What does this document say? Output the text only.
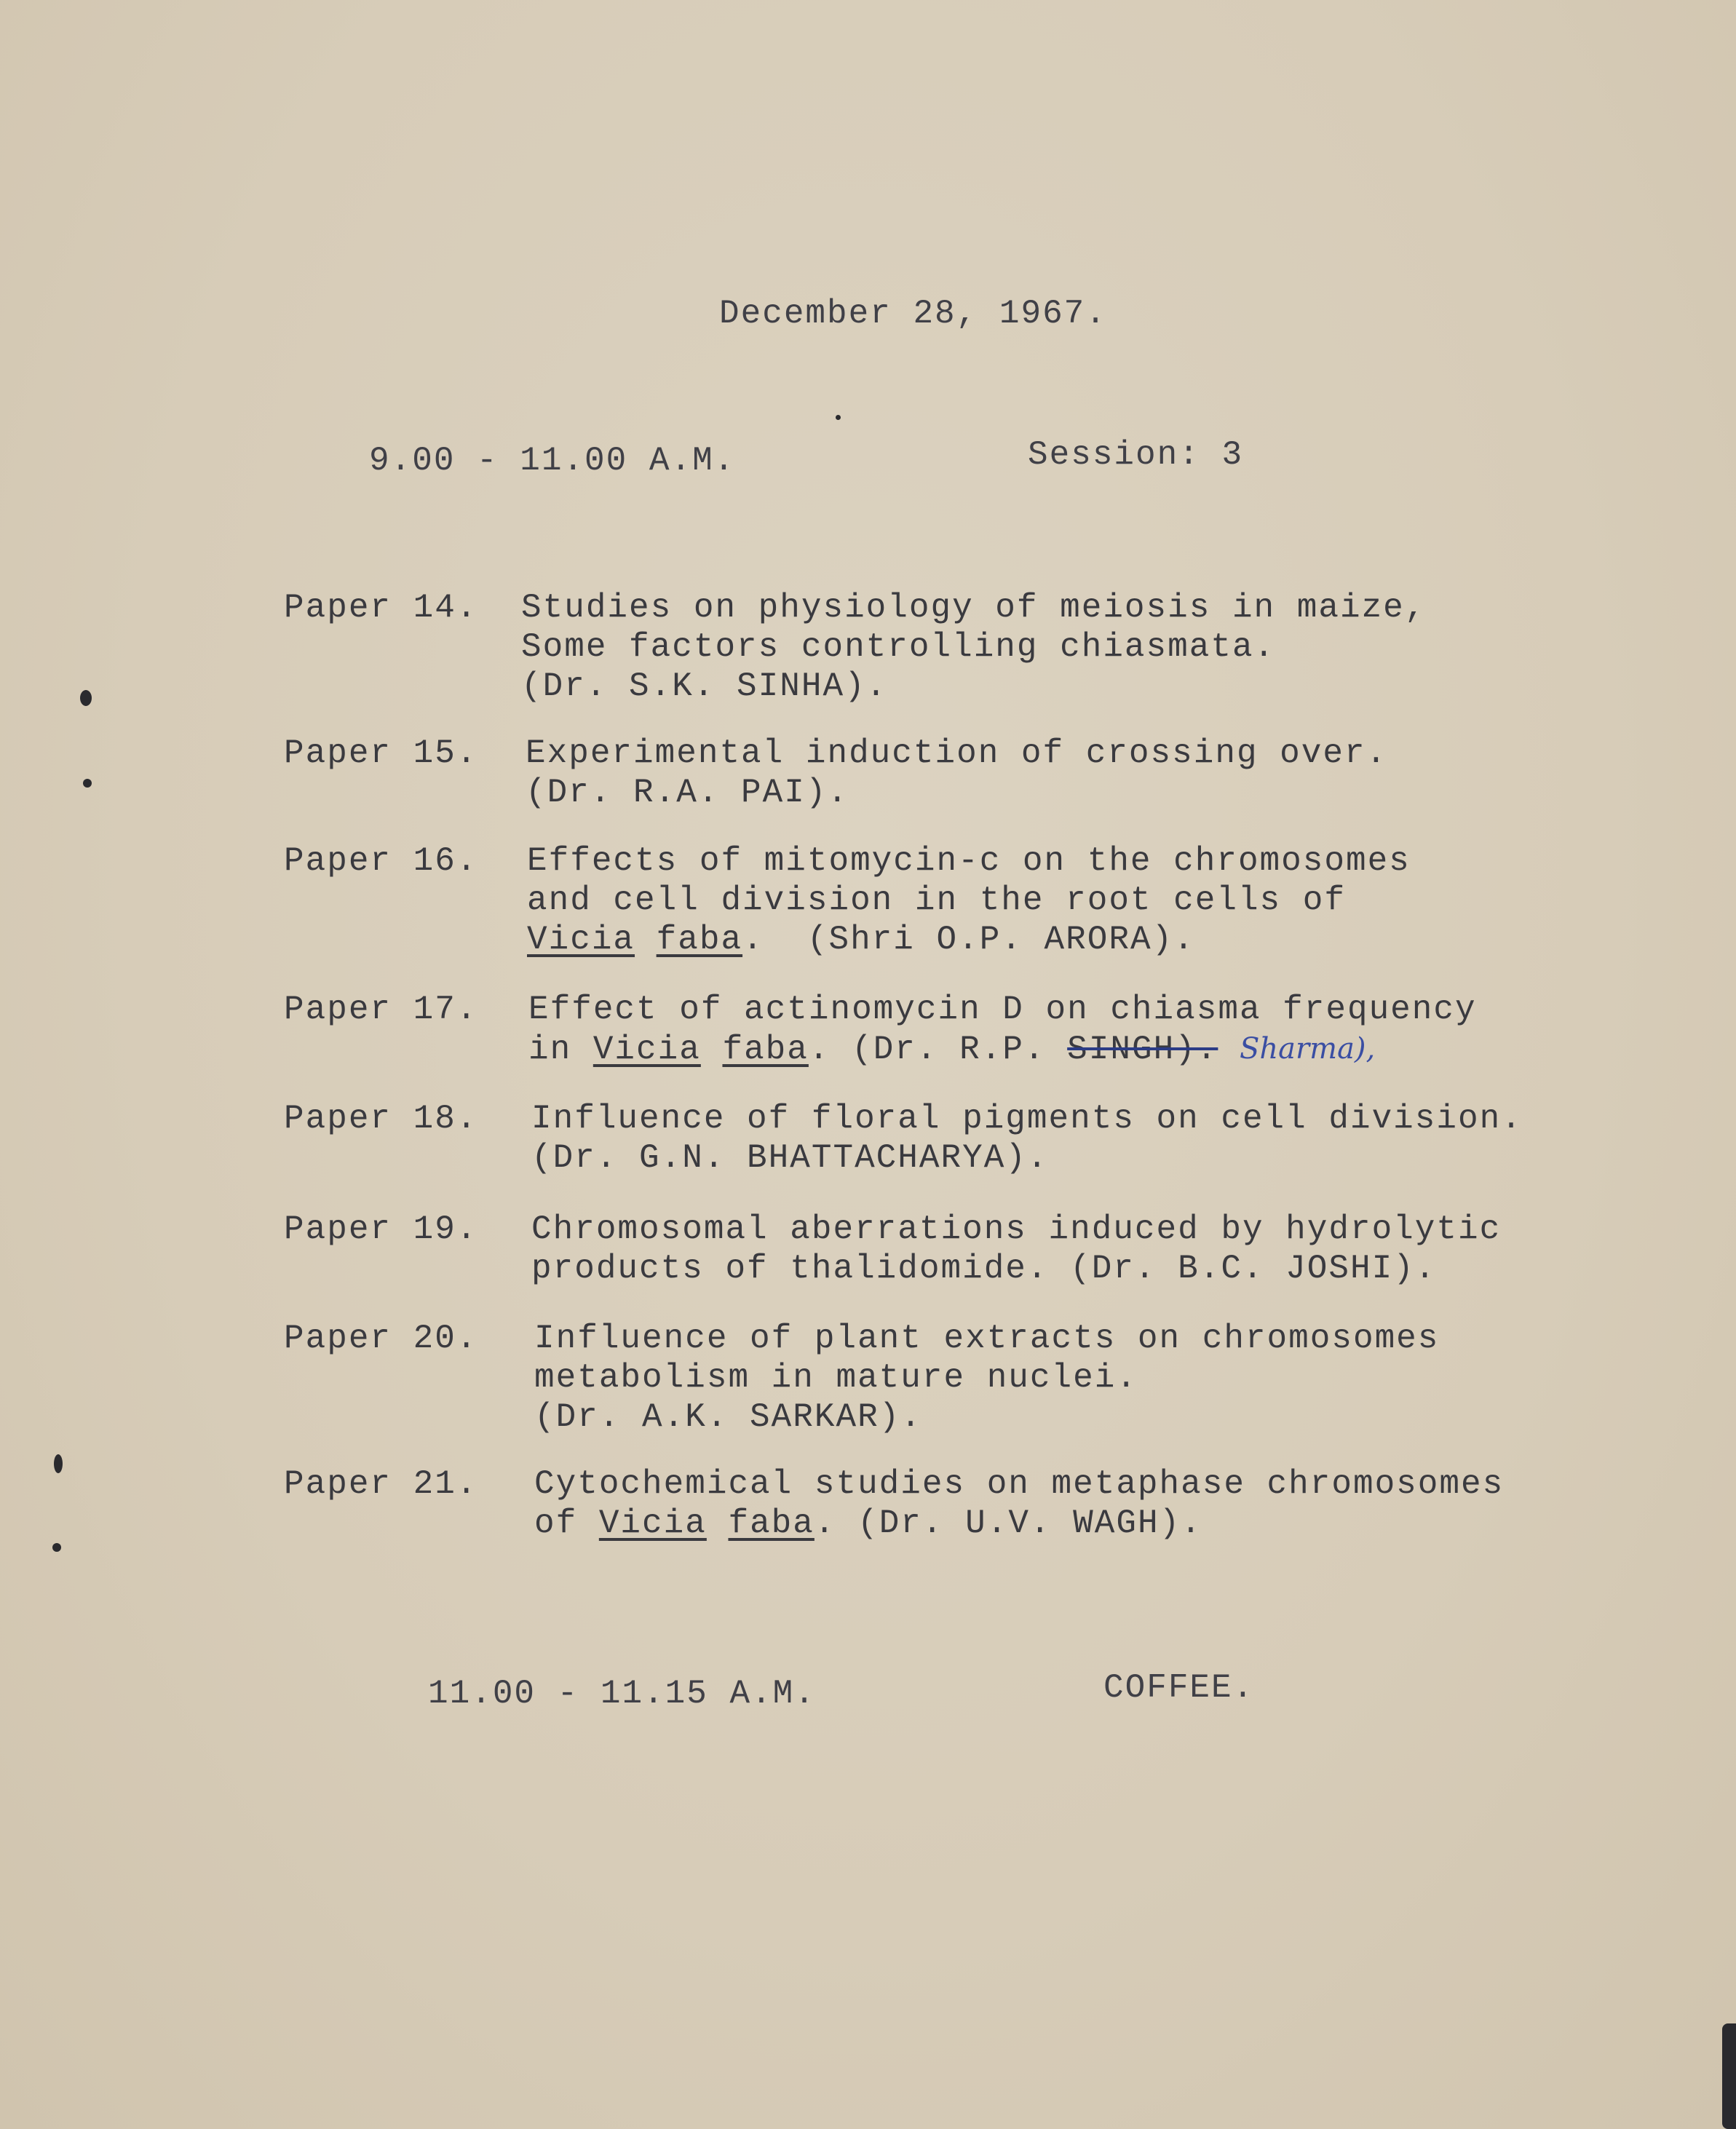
December 28, 1967.
9.00 - 11.00 A.M.	Session: 3
Paper 14. Studies on physiology of meiosis in maize,
Some factors controlling chiasmata.
(Dr. S.K. SINHA).
Paper 15. Experimental induction of crossing over.
(Dr. R.A. PAI).
Paper 16. Effects of mitomycin-c on the chromosomes
and cell division in the root cells of
Vicia faba.  (Shri O.P. ARORA).
Paper 17. Effect of actinomycin D on chiasma frequency
in Vicia faba. (Dr. R.P. SINGH). Sharma),
Paper 18. Influence of floral pigments on cell division.
(Dr. G.N. BHATTACHARYA).
Paper 19. Chromosomal aberrations induced by hydrolytic
products of thalidomide. (Dr. B.C. JOSHI).
Paper 20. Influence of plant extracts on chromosomes
metabolism in mature nuclei.
(Dr. A.K. SARKAR).
Paper 21. Cytochemical studies on metaphase chromosomes
of Vicia faba. (Dr. U.V. WAGH).
11.00 - 11.15 A.M.	COFFEE.
